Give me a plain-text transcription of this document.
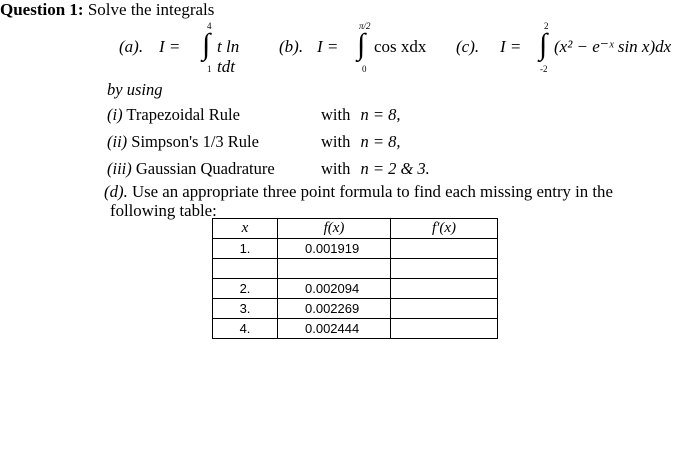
Question 1: Solve the integrals
(a). I = ∫
4
1
t ln tdt
(b). I = ∫
π/2
0
cos xdx (c). I = ∫
2
-2
(x² − e⁻ˣ sin x)dx
by using
(i) Trapezoidal Rule	with n = 8,
(ii) Simpson's 1/3 Rule	with n = 8,
(iii) Gaussian Quadrature	with n = 2 & 3.
(d). Use an appropriate three point formula to find each missing entry in the
following table:
x	f(x)	f′(x)
1.	0.001919	

2.	0.002094	
3.	0.002269	
4.	0.002444	
